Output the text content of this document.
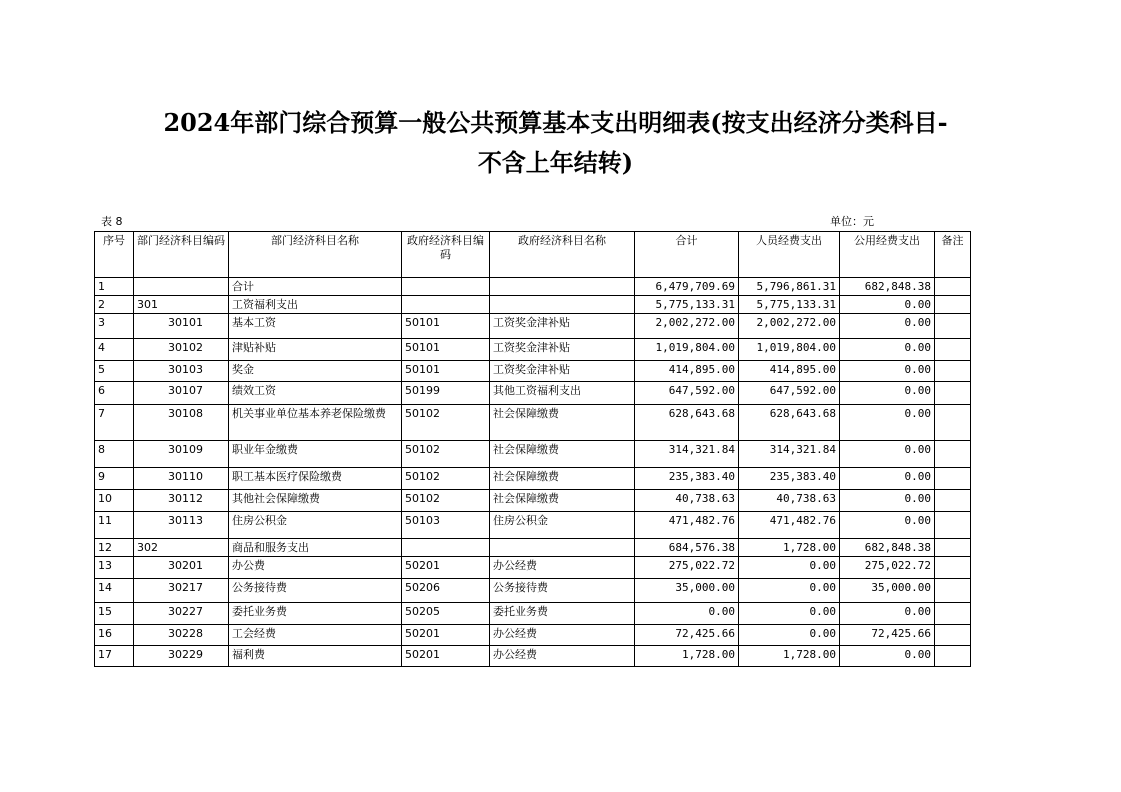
2024年部门综合预算一般公共预算基本支出明细表(按支出经济分类科目-
不含上年结转)
表 8	单位：元
序号	部门经济科目编码	部门经济科目名称	政府经济科目编码	政府经济科目名称	合计	人员经费支出	公用经费支出	备注
1		合计			6,479,709.69	5,796,861.31	682,848.38	
2	301	工资福利支出			5,775,133.31	5,775,133.31	0.00	
3	30101	基本工资	50101	工资奖金津补贴	2,002,272.00	2,002,272.00	0.00	
4	30102	津贴补贴	50101	工资奖金津补贴	1,019,804.00	1,019,804.00	0.00	
5	30103	奖金	50101	工资奖金津补贴	414,895.00	414,895.00	0.00	
6	30107	绩效工资	50199	其他工资福利支出	647,592.00	647,592.00	0.00	
7	30108	机关事业单位基本养老保险缴费	50102	社会保障缴费	628,643.68	628,643.68	0.00	
8	30109	职业年金缴费	50102	社会保障缴费	314,321.84	314,321.84	0.00	
9	30110	职工基本医疗保险缴费	50102	社会保障缴费	235,383.40	235,383.40	0.00	
10	30112	其他社会保障缴费	50102	社会保障缴费	40,738.63	40,738.63	0.00	
11	30113	住房公积金	50103	住房公积金	471,482.76	471,482.76	0.00	
12	302	商品和服务支出			684,576.38	1,728.00	682,848.38	
13	30201	办公费	50201	办公经费	275,022.72	0.00	275,022.72	
14	30217	公务接待费	50206	公务接待费	35,000.00	0.00	35,000.00	
15	30227	委托业务费	50205	委托业务费	0.00	0.00	0.00	
16	30228	工会经费	50201	办公经费	72,425.66	0.00	72,425.66	
17	30229	福利费	50201	办公经费	1,728.00	1,728.00	0.00	
